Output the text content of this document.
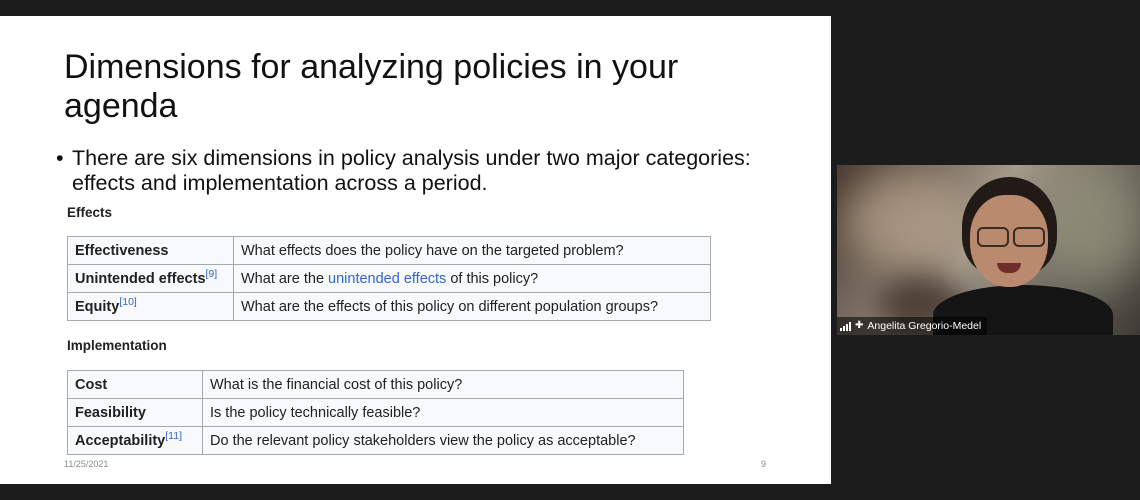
Dimensions for analyzing policies in your agenda
• There are six dimensions in policy analysis under two major categories: effects and implementation across a period.
Effects
Effectiveness	What effects does the policy have on the targeted problem?
Unintended effects[9]	What are the unintended effects of this policy?
Equity[10]	What are the effects of this policy on different population groups?
Implementation
Cost	What is the financial cost of this policy?
Feasibility	Is the policy technically feasible?
Acceptability[11]	Do the relevant policy stakeholders view the policy as acceptable?
11/25/2021	9
✚ Angelita Gregorio-Medel
